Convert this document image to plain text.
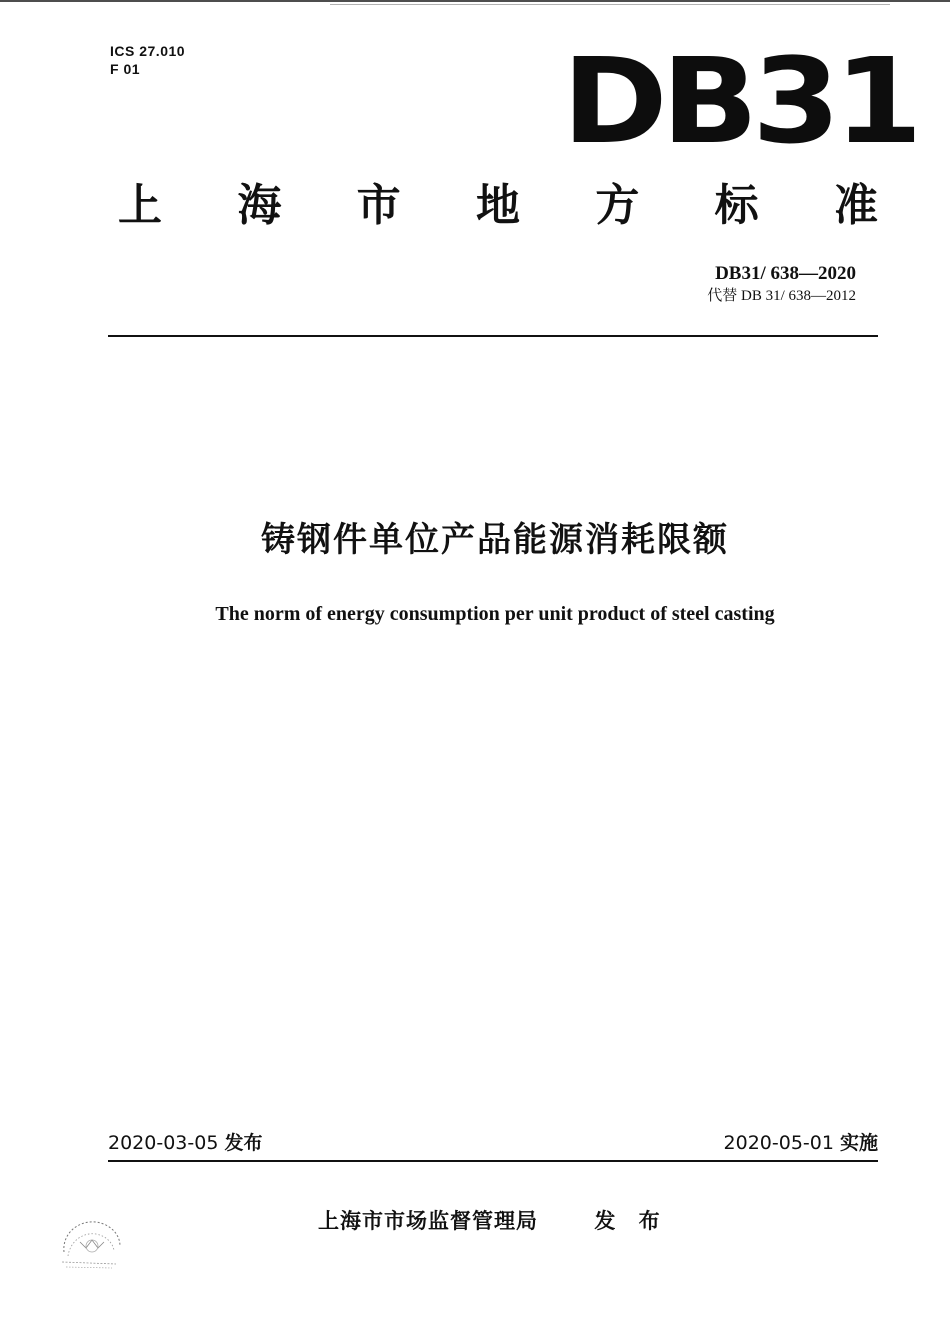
ICS 27.010
F 01	DB31
上 海 市 地 方 标 准
DB31/ 638—2020
代替 DB 31/ 638—2012
铸钢件单位产品能源消耗限额
The norm of energy consumption per unit product of steel casting
2020-03-05 发布	2020-05-01 实施
上海市市场监督管理局	发 布
